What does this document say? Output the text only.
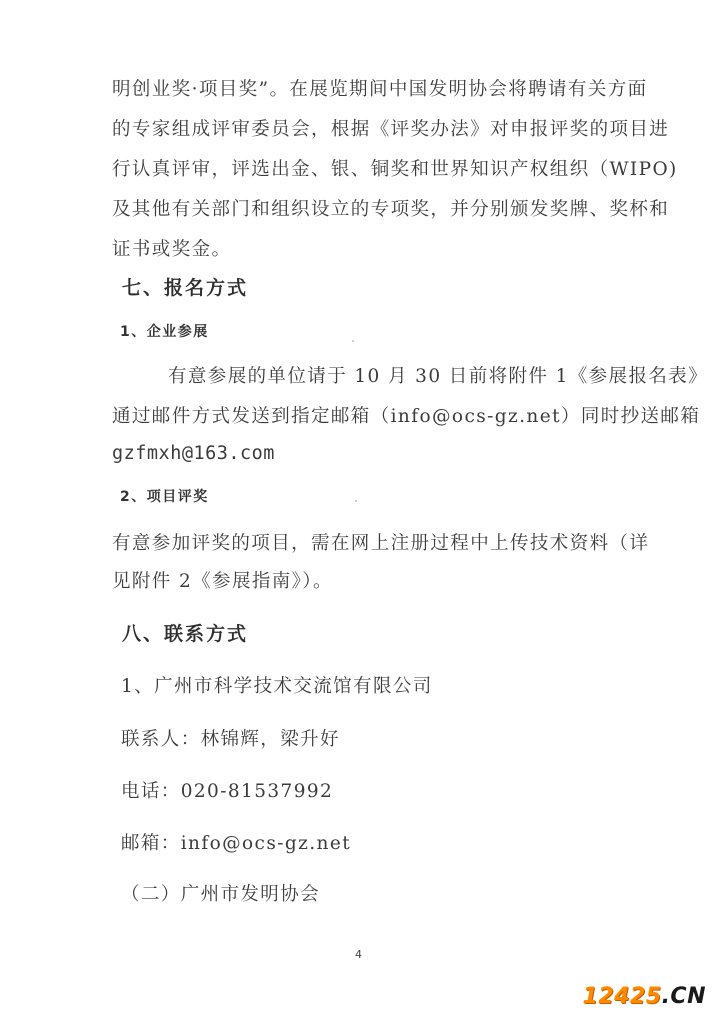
明创业奖·项目奖”。在展览期间中国发明协会将聘请有关方面
的专家组成评审委员会，根据《评奖办法》对申报评奖的项目进
行认真评审，评选出金、银、铜奖和世界知识产权组织（WIPO)
及其他有关部门和组织设立的专项奖，并分别颁发奖牌、奖杯和
证书或奖金。
七、报名方式
1、企业参展
有意参展的单位请于 10 月 30 日前将附件 1《参展报名表》
通过邮件方式发送到指定邮箱（info@ocs-gz.net）同时抄送邮箱
gzfmxh@163.com
2、项目评奖
有意参加评奖的项目，需在网上注册过程中上传技术资料（详
见附件 2《参展指南》）。
八、联系方式
1、广州市科学技术交流馆有限公司
联系人：林锦辉，梁升好
电话：020-81537992
邮箱：info@ocs-gz.net
（二）广州市发明协会
4
12425.CN
